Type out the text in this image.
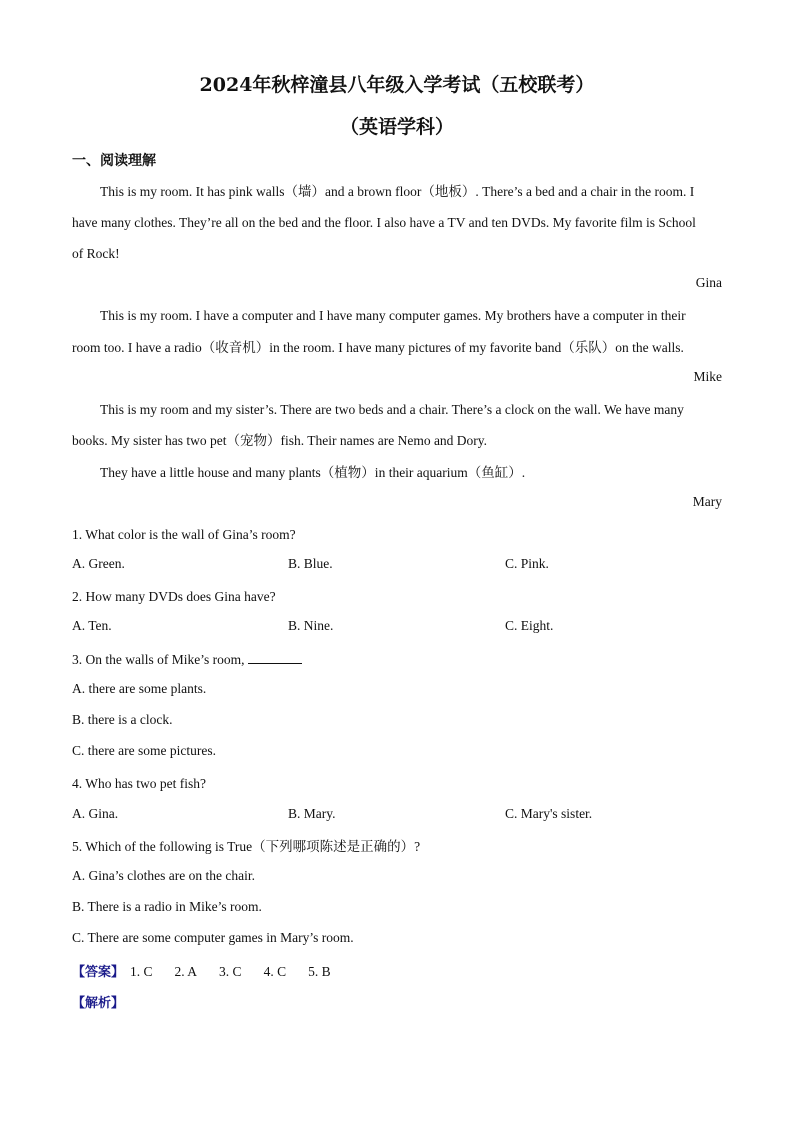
2024年秋梓潼县八年级入学考试（五校联考）
（英语学科）
一、阅读理解
This is my room. It has pink walls（墙）and a brown floor（地板）. There’s a bed and a chair in the room. I
have many clothes. They’re all on the bed and the floor. I also have a TV and ten DVDs. My favorite film is School
of Rock!
Gina
This is my room. I have a computer and I have many computer games. My brothers have a computer in their
room too. I have a radio（收音机）in the room. I have many pictures of my favorite band（乐队）on the walls.
Mike
This is my room and my sister’s. There are two beds and a chair. There’s a clock on the wall. We have many
books. My sister has two pet（宠物）fish. Their names are Nemo and Dory.
They have a little house and many plants（植物）in their aquarium（鱼缸）.
Mary
1. What color is the wall of Gina’s room?
A. Green.	B. Blue.	C. Pink.
2. How many DVDs does Gina have?
A. Ten.	B. Nine.	C. Eight.
3. On the walls of Mike’s room,
A. there are some plants.
B. there is a clock.
C. there are some pictures.
4. Who has two pet fish?
A. Gina.	B. Mary.	C. Mary's sister.
5. Which of the following is True（下列哪项陈述是正确的）?
A. Gina’s clothes are on the chair.
B. There is a radio in Mike’s room.
C. There are some computer games in Mary’s room.
【答案】 1. C 2. A 3. C 4. C 5. B
【解析】
